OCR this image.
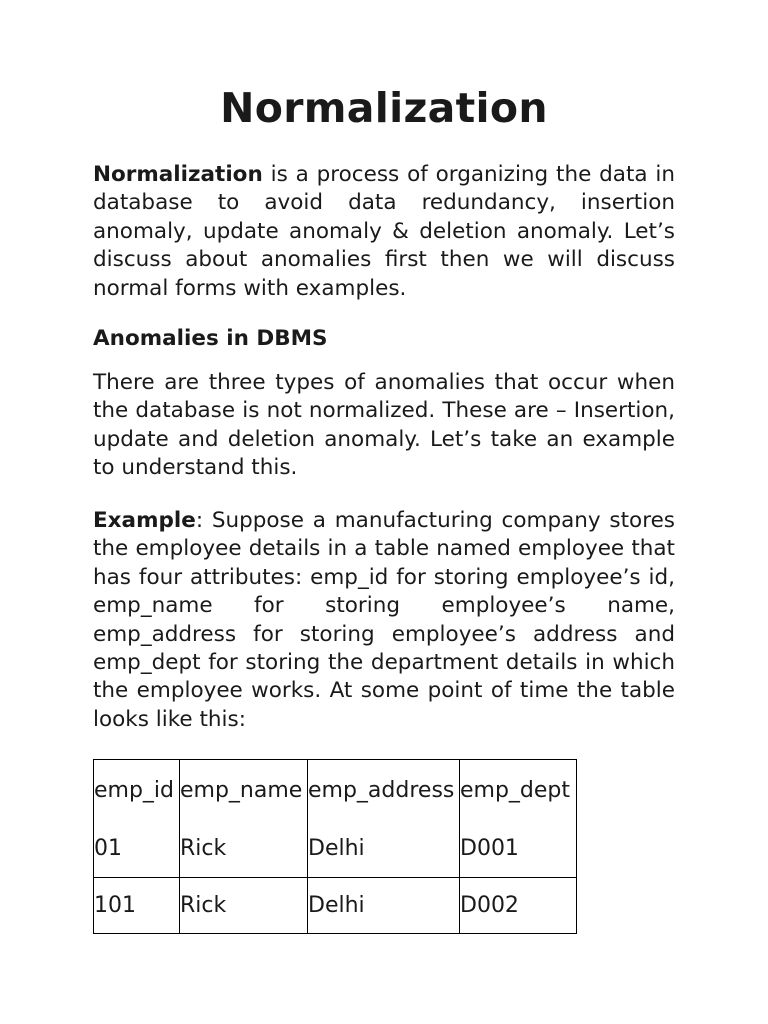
Normalization

Normalization is a process of organizing the data in database to avoid data redundancy, insertion anomaly, update anomaly & deletion anomaly. Let’s discuss about anomalies first then we will discuss normal forms with examples.

Anomalies in DBMS

There are three types of anomalies that occur when the database is not normalized. These are – Insertion, update and deletion anomaly. Let’s take an example to understand this.

Example: Suppose a manufacturing company stores the employee details in a table named employee that has four attributes: emp_id for storing employee’s id, emp_name for storing employee’s name, emp_address for storing employee’s address and emp_dept for storing the department details in which the employee works. At some point of time the table looks like this:

emp_id	emp_name	emp_address	emp_dept
01	Rick	Delhi	D001
101	Rick	Delhi	D002
